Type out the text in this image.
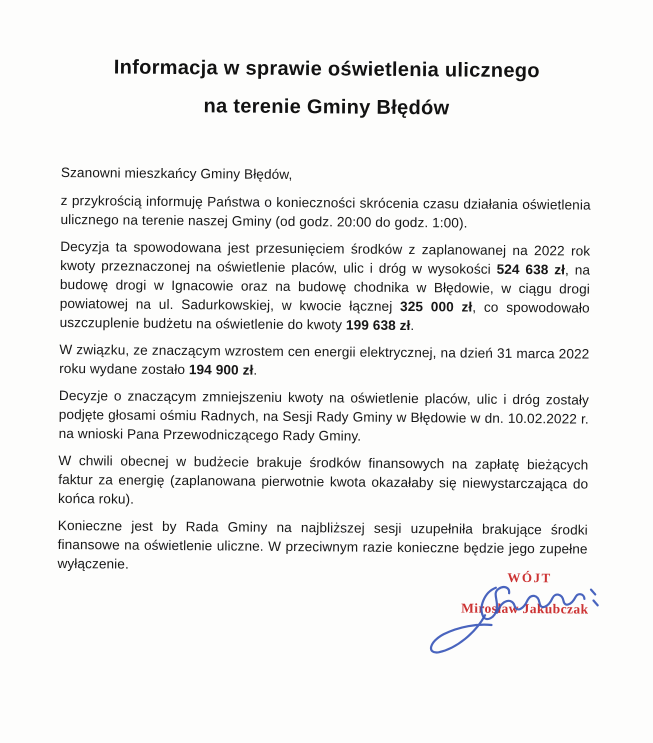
Informacja w sprawie oświetlenia ulicznego
na terenie Gminy Błędów

Szanowni mieszkańcy Gminy Błędów,

z przykrością informuję Państwa o konieczności skrócenia czasu działania oświetlenia ulicznego na terenie naszej Gminy (od godz. 20:00 do godz. 1:00).

Decyzja ta spowodowana jest przesunięciem środków z zaplanowanej na 2022 rok kwoty przeznaczonej na oświetlenie placów, ulic i dróg w wysokości 524 638 zł, na budowę drogi w Ignacowie oraz na budowę chodnika w Błędowie, w ciągu drogi powiatowej na ul. Sadurkowskiej, w kwocie łącznej 325 000 zł, co spowodowało uszczuplenie budżetu na oświetlenie do kwoty 199 638 zł.

W związku, ze znaczącym wzrostem cen energii elektrycznej, na dzień 31 marca 2022 roku wydane zostało 194 900 zł.

Decyzje o znaczącym zmniejszeniu kwoty na oświetlenie placów, ulic i dróg zostały podjęte głosami ośmiu Radnych, na Sesji Rady Gminy w Błędowie w dn. 10.02.2022 r. na wnioski Pana Przewodniczącego Rady Gminy.

W chwili obecnej w budżecie brakuje środków finansowych na zapłatę bieżących faktur za energię (zaplanowana pierwotnie kwota okazałaby się niewystarczająca do końca roku).

Konieczne jest by Rada Gminy na najbliższej sesji uzupełniła brakujące środki finansowe na oświetlenie uliczne. W przeciwnym razie konieczne będzie jego zupełne wyłączenie.

WÓJT
Mirosław Jakubczak
